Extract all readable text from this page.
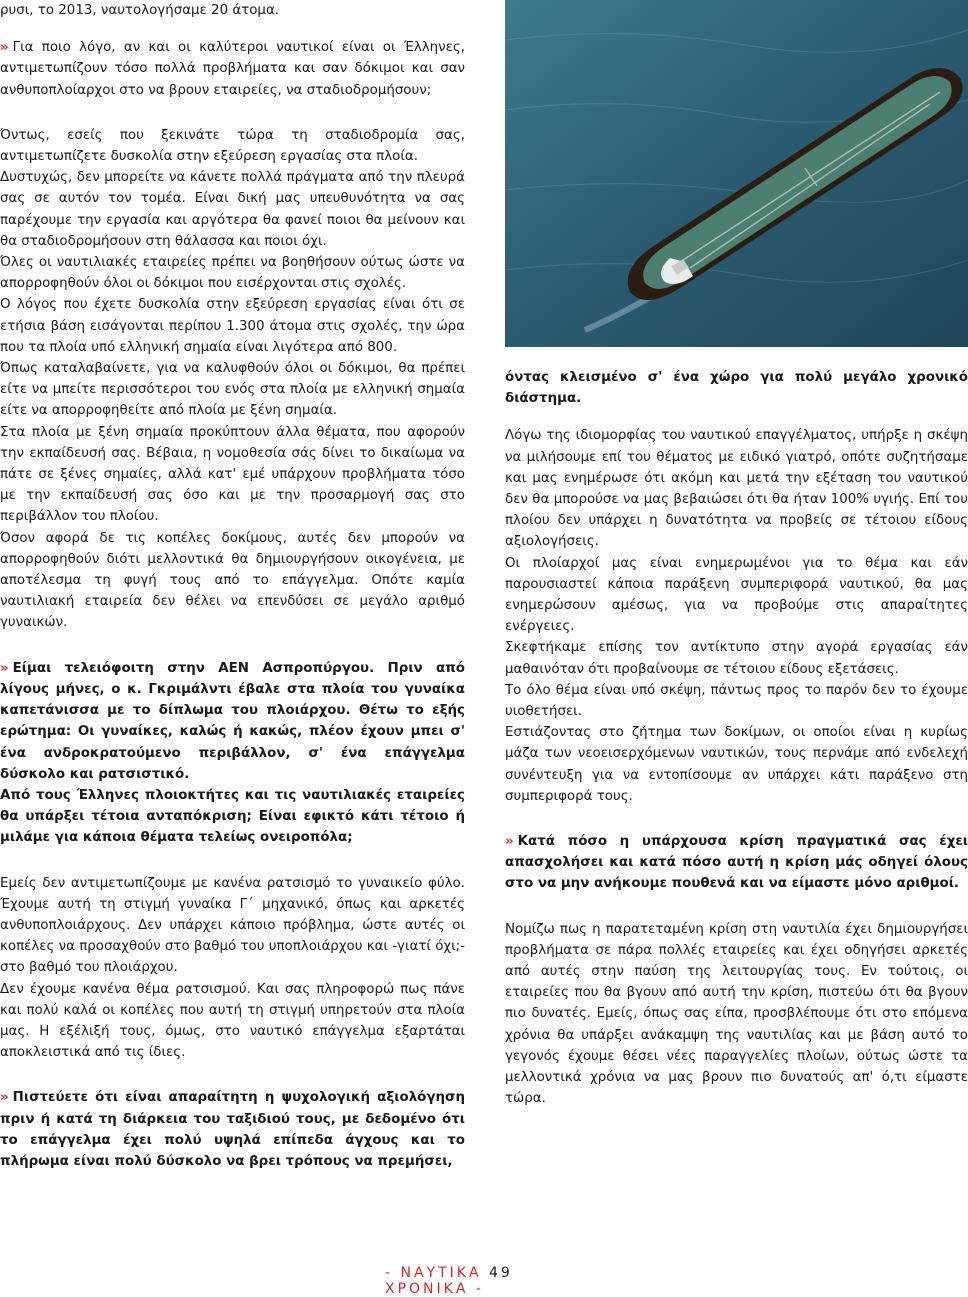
ρυσι, το 2013, ναυτολογήσαμε 20 άτομα.

» Για ποιο λόγο, αν και οι καλύτεροι ναυτικοί είναι οι Έλληνες, αντιμετωπίζουν τόσο πολλά προβλήματα και σαν δόκιμοι και σαν ανθυποπλοίαρχοι στο να βρουν εταιρείες, να σταδιοδρομήσουν;

Όντως, εσείς που ξεκινάτε τώρα τη σταδιοδρομία σας, αντιμετωπίζετε δυσκολία στην εξεύρεση εργασίας στα πλοία.

Δυστυχώς, δεν μπορείτε να κάνετε πολλά πράγματα από την πλευρά σας σε αυτόν τον τομέα. Είναι δική μας υπευθυνότητα να σας παρέχουμε την εργασία και αργότερα θα φανεί ποιοι θα μείνουν και θα σταδιοδρομήσουν στη θάλασσα και ποιοι όχι.

Όλες οι ναυτιλιακές εταιρείες πρέπει να βοηθήσουν ούτως ώστε να απορροφηθούν όλοι οι δόκιμοι που εισέρχονται στις σχολές.

Ο λόγος που έχετε δυσκολία στην εξεύρεση εργασίας είναι ότι σε ετήσια βάση εισάγονται περίπου 1.300 άτομα στις σχολές, την ώρα που τα πλοία υπό ελληνική σημαία είναι λιγότερα από 800.

Όπως καταλαβαίνετε, για να καλυφθούν όλοι οι δόκιμοι, θα πρέπει είτε να μπείτε περισσότεροι του ενός στα πλοία με ελληνική σημαία είτε να απορροφηθείτε από πλοία με ξένη σημαία.

Στα πλοία με ξένη σημαία προκύπτουν άλλα θέματα, που αφορούν την εκπαίδευσή σας. Βέβαια, η νομοθεσία σάς δίνει το δικαίωμα να πάτε σε ξένες σημαίες, αλλά κατ' εμέ υπάρχουν προβλήματα τόσο με την εκπαίδευσή σας όσο και με την προσαρμογή σας στο περιβάλλον του πλοίου.

Όσον αφορά δε τις κοπέλες δοκίμους, αυτές δεν μπορούν να απορροφηθούν διότι μελλοντικά θα δημιουργήσουν οικογένεια, με αποτέλεσμα τη φυγή τους από το επάγγελμα. Οπότε καμία ναυτιλιακή εταιρεία δεν θέλει να επενδύσει σε μεγάλο αριθμό γυναικών.

» Είμαι τελειόφοιτη στην ΑΕΝ Ασπροπύργου. Πριν από λίγους μήνες, ο κ. Γκριμάλντι έβαλε στα πλοία του γυναίκα καπετάνισσα με το δίπλωμα του πλοιάρχου. Θέτω το εξής ερώτημα: Οι γυναίκες, καλώς ή κακώς, πλέον έχουν μπει σ' ένα ανδροκρατούμενο περιβάλλον, σ' ένα επάγγελμα δύσκολο και ρατσιστικό.

Από τους Έλληνες πλοιοκτήτες και τις ναυτιλιακές εταιρείες θα υπάρξει τέτοια ανταπόκριση; Είναι εφικτό κάτι τέτοιο ή μιλάμε για κάποια θέματα τελείως ονειροπόλα;

Εμείς δεν αντιμετωπίζουμε με κανένα ρατσισμό το γυναικείο φύλο. Έχουμε αυτή τη στιγμή γυναίκα Γ΄ μηχανικό, όπως και αρκετές ανθυποπλοιάρχους. Δεν υπάρχει κάποιο πρόβλημα, ώστε αυτές οι κοπέλες να προσαχθούν στο βαθμό του υποπλοιάρχου και -γιατί όχι;- στο βαθμό του πλοιάρχου.

Δεν έχουμε κανένα θέμα ρατσισμού. Και σας πληροφορώ πως πάνε και πολύ καλά οι κοπέλες που αυτή τη στιγμή υπηρετούν στα πλοία μας. Η εξέλιξή τους, όμως, στο ναυτικό επάγγελμα εξαρτάται αποκλειστικά από τις ίδιες.

» Πιστεύετε ότι είναι απαραίτητη η ψυχολογική αξιολόγηση πριν ή κατά τη διάρκεια του ταξιδιού τους, με δεδομένο ότι το επάγγελμα έχει πολύ υψηλά επίπεδα άγχους και το πλήρωμα είναι πολύ δύσκολο να βρει τρόπους να πρεμήσει,

όντας κλεισμένο σ' ένα χώρο για πολύ μεγάλο χρονικό διάστημα.

Λόγω της ιδιομορφίας του ναυτικού επαγγέλματος, υπήρξε η σκέψη να μιλήσουμε επί του θέματος με ειδικό γιατρό, οπότε συζητήσαμε και μας ενημέρωσε ότι ακόμη και μετά την εξέταση του ναυτικού δεν θα μπορούσε να μας βεβαιώσει ότι θα ήταν 100% υγιής. Επί του πλοίου δεν υπάρχει η δυνατότητα να προβείς σε τέτοιου είδους αξιολογήσεις.

Οι πλοίαρχοί μας είναι ενημερωμένοι για το θέμα και εάν παρουσιαστεί κάποια παράξενη συμπεριφορά ναυτικού, θα μας ενημερώσουν αμέσως, για να προβούμε στις απαραίτητες ενέργειες.

Σκεφτήκαμε επίσης τον αντίκτυπο στην αγορά εργασίας εάν μαθαινόταν ότι προβαίνουμε σε τέτοιου είδους εξετάσεις.

Το όλο θέμα είναι υπό σκέψη, πάντως προς το παρόν δεν το έχουμε υιοθετήσει.

Εστιάζοντας στο ζήτημα των δοκίμων, οι οποίοι είναι η κυρίως μάζα των νεοεισερχόμενων ναυτικών, τους περνάμε από ενδελεχή συνέντευξη για να εντοπίσουμε αν υπάρχει κάτι παράξενο στη συμπεριφορά τους.

» Κατά πόσο η υπάρχουσα κρίση πραγματικά σας έχει απασχολήσει και κατά πόσο αυτή η κρίση μάς οδηγεί όλους στο να μην ανήκουμε πουθενά και να είμαστε μόνο αριθμοί.

Νομίζω πως η παρατεταμένη κρίση στη ναυτιλία έχει δημιουργήσει προβλήματα σε πάρα πολλές εταιρείες και έχει οδηγήσει αρκετές από αυτές στην παύση της λειτουργίας τους. Εν τούτοις, οι εταιρείες που θα βγουν από αυτή την κρίση, πιστεύω ότι θα βγουν πιο δυνατές. Εμείς, όπως σας είπα, προσβλέπουμε ότι στο επόμενα χρόνια θα υπάρξει ανάκαμψη της ναυτιλίας και με βάση αυτό το γεγονός έχουμε θέσει νέες παραγγελίες πλοίων, ούτως ώστε τα μελλοντικά χρόνια να μας βρουν πιο δυνατούς απ' ό,τι είμαστε τώρα.

- ΝΑΥΤΙΚΑ 49 ΧΡΟΝΙΚΑ -
